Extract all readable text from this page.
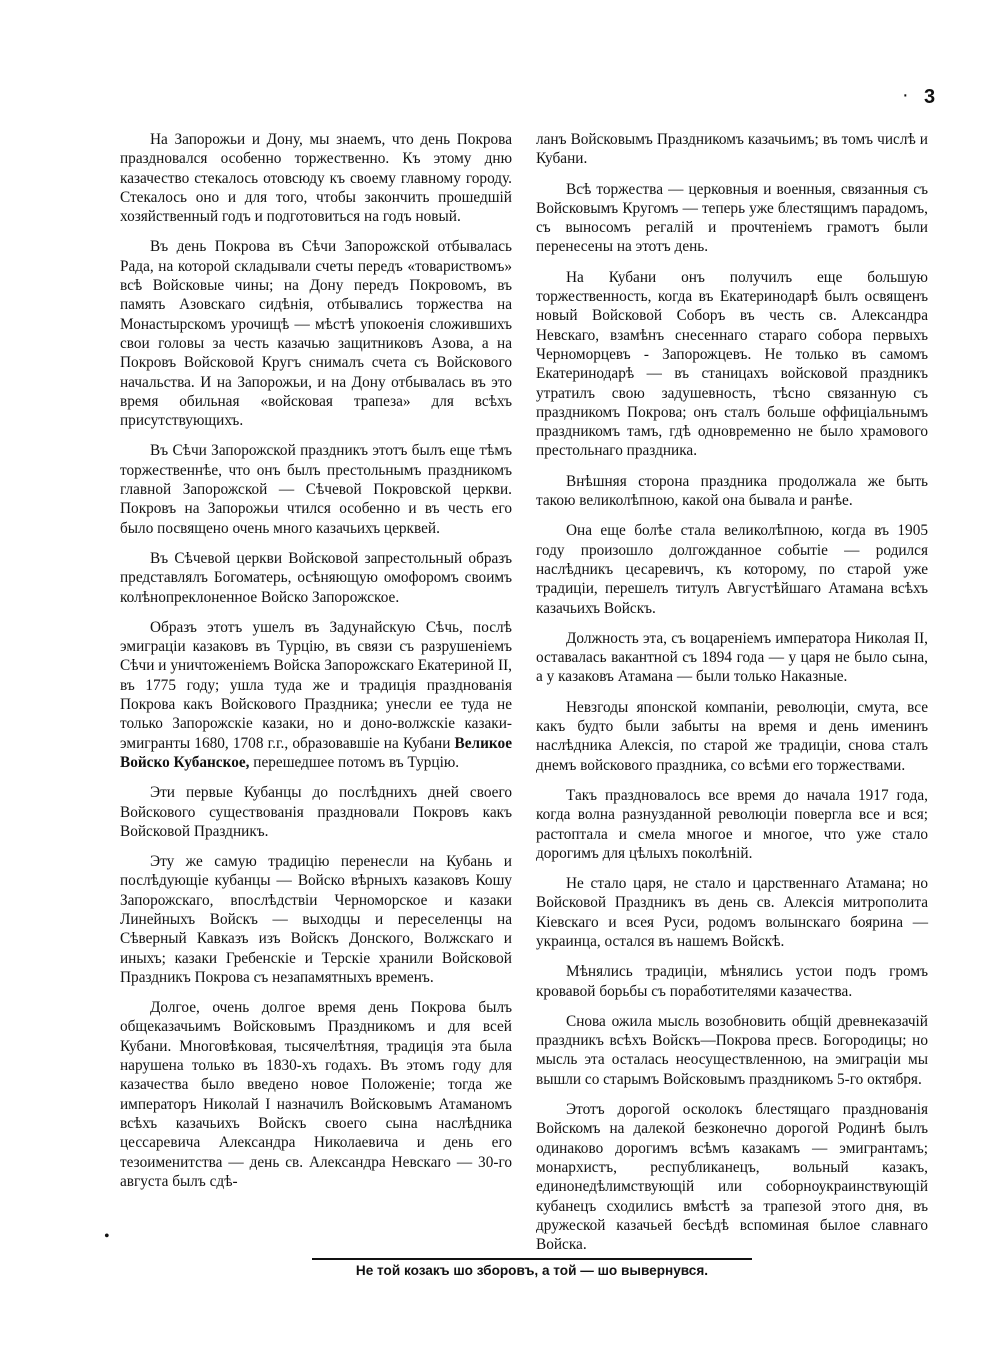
· 3

На Запорожьи и Дону, мы знаемъ, что день Покрова праздновался особенно торжественно. Къ этому дню казачество стекалось отовсюду къ своему главному городу. Стекалось оно и для того, чтобы закончить прошедшій хозяйственный годъ и подготовиться на годъ новый.

Въ день Покрова въ Сѣчи Запорожской отбывалась Рада, на которой складывали счеты передъ «товариствомъ» всѣ Войсковые чины; на Дону передъ Покровомъ, въ память Азовскаго сидѣнія, отбывались торжества на Монастырскомъ урочищѣ — мѣстѣ упокоенія сложившихъ свои головы за честь казачью защитниковъ Азова, а на Покровъ Войсковой Кругъ снималъ счета съ Войскового начальства. И на Запорожьи, и на Дону отбывалась въ это время обильная «войсковая трапеза» для всѣхъ присутствующихъ.

Въ Сѣчи Запорожской праздникъ этотъ былъ еще тѣмъ торжественнѣе, что онъ былъ престольнымъ праздникомъ главной Запорожской — Сѣчевой Покровской церкви. Покровъ на Запорожьи чтился особенно и въ честь его было посвящено очень много казачьихъ церквей.

Въ Сѣчевой церкви Войсковой запрестольный образъ представлялъ Богоматерь, осѣняющую омофоромъ своимъ колѣнопреклоненное Войско Запорожское.

Образъ этотъ ушелъ въ Задунайскую Сѣчь, послѣ эмиграціи казаковъ въ Турцію, въ связи съ разрушеніемъ Сѣчи и уничтоженіемъ Войска Запорожскаго Екатериной II, въ 1775 году; ушла туда же и традиція празднованія Покрова какъ Войскового Праздника; унесли ее туда не только Запорожскіе казаки, но и доно-волжскіе казаки-эмигранты 1680, 1708 г.г., образовавшіе на Кубани Великое Войско Кубанское, перешедшее потомъ въ Турцію.

Эти первые Кубанцы до послѣднихъ дней своего Войскового существованія праздновали Покровъ какъ Войсковой Праздникъ.

Эту же самую традицію перенесли на Кубань и послѣдующіе кубанцы — Войско вѣрныхъ казаковъ Кошу Запорожскаго, впослѣдствіи Черноморское и казаки Линейныхъ Войскъ — выходцы и переселенцы на Сѣверный Кавказъ изъ Войскъ Донского, Волжскаго и иныхъ; казаки Гребенскіе и Терскіе хранили Войсковой Праздникъ Покрова съ незапамятныхъ временъ.

Долгое, очень долгое время день Покрова былъ общеказачьимъ Войсковымъ Праздникомъ и для всей Кубани. Многовѣковая, тысячелѣтняя, традиція эта была нарушена только въ 1830-хъ годахъ. Въ этомъ году для казачества было введено новое Положеніе; тогда же императоръ Николай I назначилъ Войсковымъ Атаманомъ всѣхъ казачьихъ Войскъ своего сына наслѣдника цессаревича Александра Николаевича и день его тезоименитства — день св. Александра Невскаго — 30-го августа былъ сдѣ-

ланъ Войсковымъ Праздникомъ казачьимъ; въ томъ числѣ и Кубани.

Всѣ торжества — церковныя и военныя, связанныя съ Войсковымъ Кругомъ — теперь уже блестящимъ парадомъ, съ выносомъ регалій и прочтеніемъ грамотъ были перенесены на этотъ день.

На Кубани онъ получилъ еще большую торжественность, когда въ Екатеринодарѣ былъ освященъ новый Войсковой Соборъ въ честь св. Александра Невскаго, взамѣнъ снесеннаго стараго собора первыхъ Черноморцевъ - Запорожцевъ. Не только въ самомъ Екатеринодарѣ — въ станицахъ войсковой праздникъ утратилъ свою задушевность, тѣсно связанную съ праздникомъ Покрова; онъ сталъ больше оффиціальнымъ праздникомъ тамъ, гдѣ одновременно не было храмового престольнаго праздника.

Внѣшняя сторона праздника продолжала же быть такою великолѣпною, какой она бывала и ранѣе.

Она еще болѣе стала великолѣпною, когда въ 1905 году произошло долгожданное событіе — родился наслѣдникъ цесаревичъ, къ которому, по старой уже традиціи, перешелъ титулъ Августѣйшаго Атамана всѣхъ казачьихъ Войскъ.

Должность эта, съ воцареніемъ императора Николая II, оставалась вакантной съ 1894 года — у царя не было сына, а у казаковъ Атамана — были только Наказные.

Невзгоды японской компаніи, революціи, смута, все какъ будто были забыты на время и день именинъ наслѣдника Алексія, по старой же традиціи, снова сталъ днемъ войскового праздника, со всѣми его торжествами.

Такъ праздновалось все время до начала 1917 года, когда волна разнузданной революціи повергла все и вся; растоптала и смела многое и многое, что уже стало дорогимъ для цѣлыхъ поколѣній.

Не стало царя, не стало и царственнаго Атамана; но Войсковой Праздникъ въ день св. Алексія митрополита Кіевскаго и всея Руси, родомъ волынскаго боярина — украинца, остался въ нашемъ Войскѣ.

Мѣнялись традиціи, мѣнялись устои подъ громъ кровавой борьбы съ поработителями казачества.

Снова ожила мысль возобновить общій древнеказачій праздникъ всѣхъ Войскъ—Покрова пресв. Богородицы; но мысль эта осталась неосуществленною, на эмиграціи мы вышли со старымъ Войсковымъ праздникомъ 5-го октября.

Этотъ дорогой осколокъ блестящаго празднованія Войскомъ на далекой безконечно дорогой Родинѣ былъ одинаково дорогимъ всѣмъ казакамъ — эмигрантамъ; монархистъ, республиканецъ, вольный казакъ, единонедѣлимствующій или соборноукраинствующій кубанецъ сходились вмѣстѣ за трапезой этого дня, въ дружеской казачьей бесѣдѣ вспоминая былое славнаго Войска.

•
Не той козакъ шо зборовъ, а той — шо вывернувся.
